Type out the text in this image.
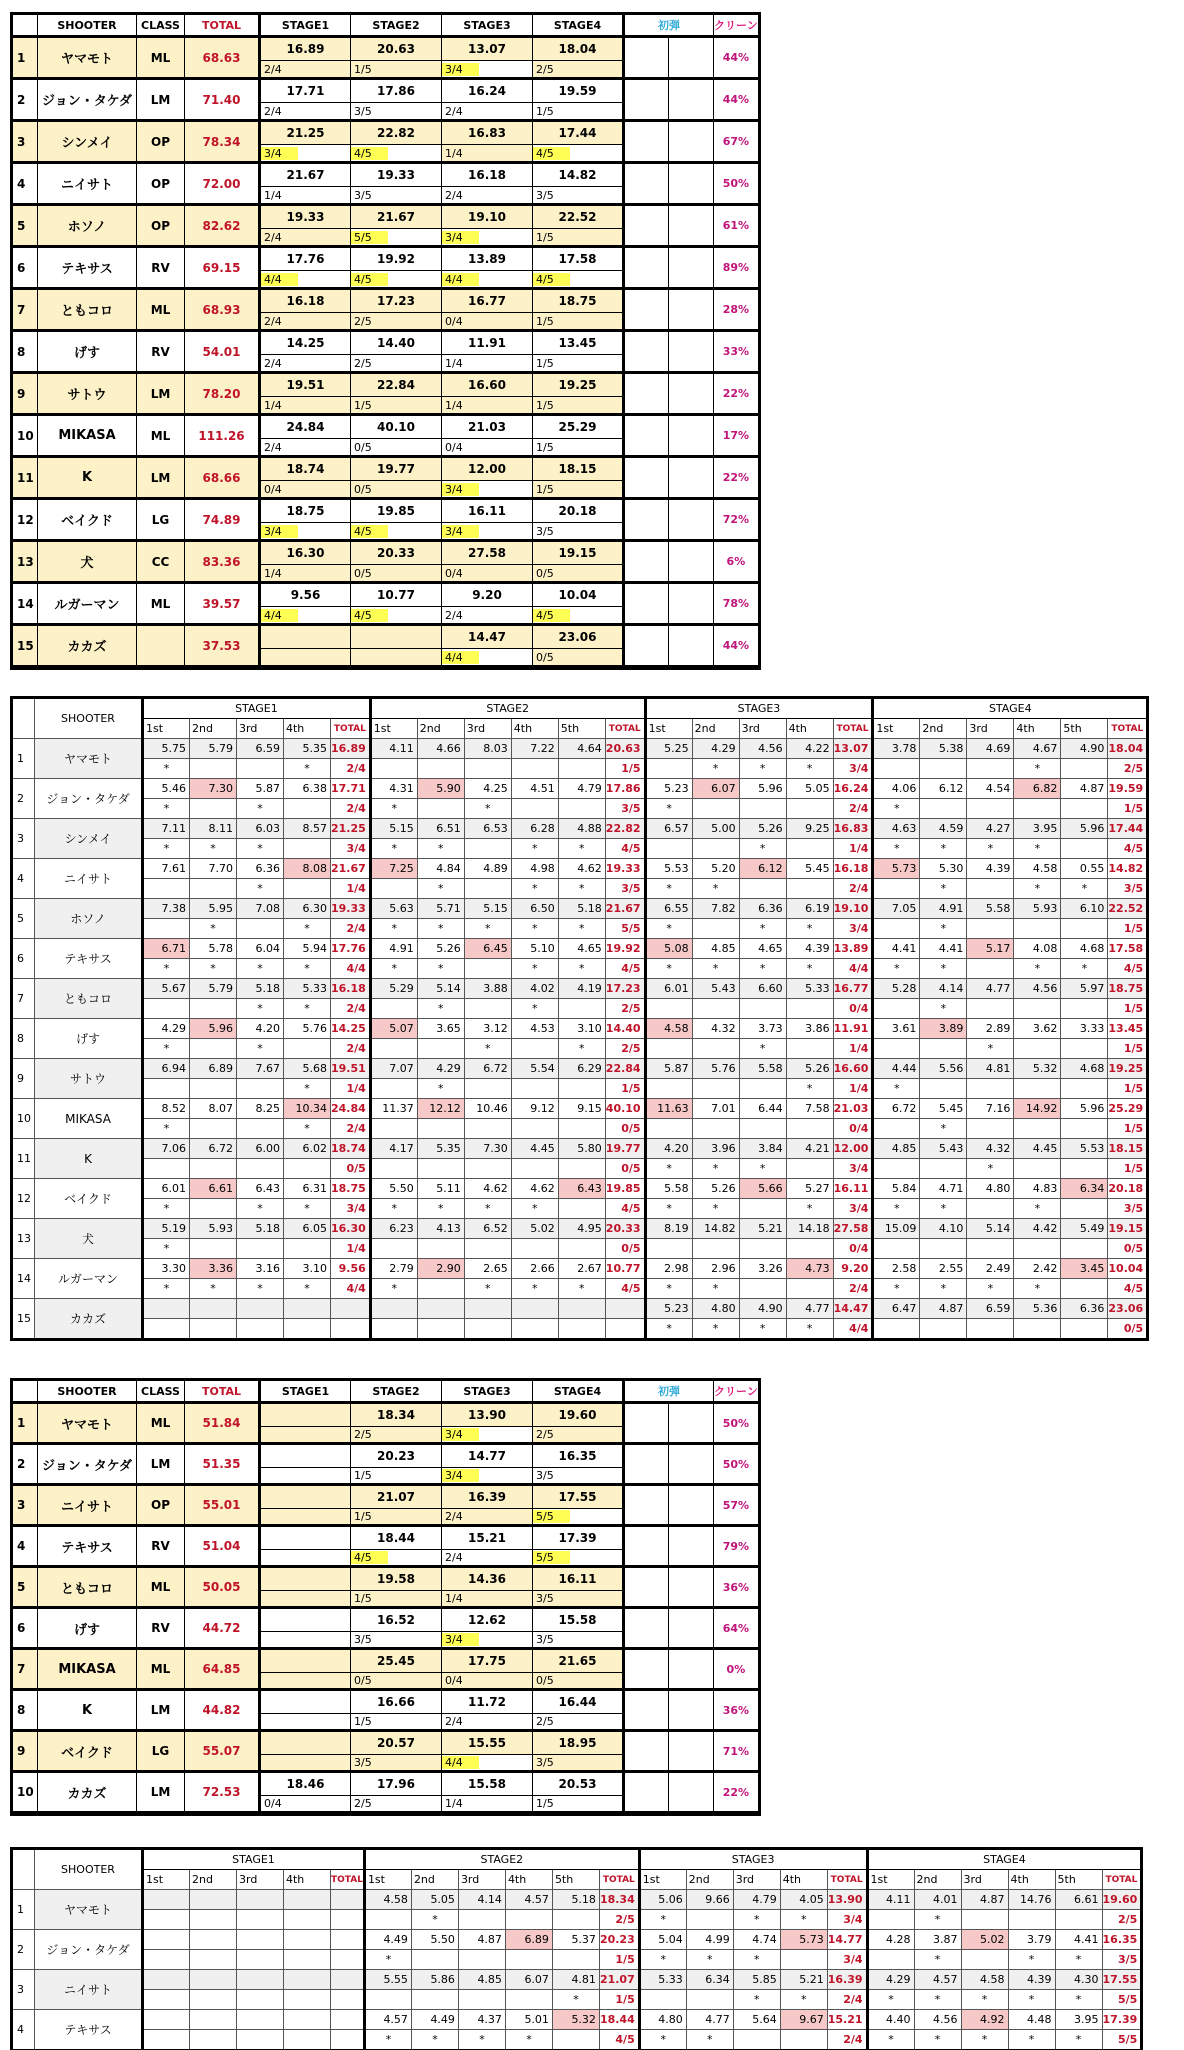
	SHOOTER	CLASS	TOTAL	STAGE1	STAGE2	STAGE3	STAGE4	初弾		クリーン
1	ヤマモト	ML	68.63	16.89	20.63	13.07	18.04			44%
				2/4	1/5	3/4	2/5			
2	ジョン・タケダ	LM	71.40	17.71	17.86	16.24	19.59			44%
				2/4	3/5	2/4	1/5			
3	シンメイ	OP	78.34	21.25	22.82	16.83	17.44			67%
				3/4	4/5	1/4	4/5			
4	ニイサト	OP	72.00	21.67	19.33	16.18	14.82			50%
				1/4	3/5	2/4	3/5			
5	ホソノ	OP	82.62	19.33	21.67	19.10	22.52			61%
				2/4	5/5	3/4	1/5			
6	テキサス	RV	69.15	17.76	19.92	13.89	17.58			89%
				4/4	4/5	4/4	4/5			
7	ともコロ	ML	68.93	16.18	17.23	16.77	18.75			28%
				2/4	2/5	0/4	1/5			
8	げす	RV	54.01	14.25	14.40	11.91	13.45			33%
				2/4	2/5	1/4	1/5			
9	サトウ	LM	78.20	19.51	22.84	16.60	19.25			22%
				1/4	1/5	1/4	1/5			
10	MIKASA	ML	111.26	24.84	40.10	21.03	25.29			17%
				2/4	0/5	0/4	1/5			
11	K	LM	68.66	18.74	19.77	12.00	18.15			22%
				0/4	0/5	3/4	1/5			
12	ベイクド	LG	74.89	18.75	19.85	16.11	20.18			72%
				3/4	4/5	3/4	3/5			
13	犬	CC	83.36	16.30	20.33	27.58	19.15			6%
				1/4	0/5	0/4	0/5			
14	ルガーマン	ML	39.57	9.56	10.77	9.20	10.04			78%
				4/4	4/5	2/4	4/5			
15	カカズ		37.53			14.47	23.06			44%
						4/4	0/5			
	SHOOTER	STAGE1					STAGE2						STAGE3					STAGE4					
		1st	2nd	3rd	4th	TOTAL	1st	2nd	3rd	4th	5th	TOTAL	1st	2nd	3rd	4th	TOTAL	1st	2nd	3rd	4th	5th	TOTAL
1	ヤマモト	5.75	5.79	6.59	5.35	16.89	4.11	4.66	8.03	7.22	4.64	20.63	5.25	4.29	4.56	4.22	13.07	3.78	5.38	4.69	4.67	4.90	18.04
		*			*	2/4						1/5		*	*	*	3/4				*		2/5
2	ジョン・タケダ	5.46	7.30	5.87	6.38	17.71	4.31	5.90	4.25	4.51	4.79	17.86	5.23	6.07	5.96	5.05	16.24	4.06	6.12	4.54	6.82	4.87	19.59
		*		*		2/4	*		*			3/5	*				2/4	*					1/5
3	シンメイ	7.11	8.11	6.03	8.57	21.25	5.15	6.51	6.53	6.28	4.88	22.82	6.57	5.00	5.26	9.25	16.83	4.63	4.59	4.27	3.95	5.96	17.44
		*	*	*		3/4	*	*		*	*	4/5			*		1/4	*	*	*	*		4/5
4	ニイサト	7.61	7.70	6.36	8.08	21.67	7.25	4.84	4.89	4.98	4.62	19.33	5.53	5.20	6.12	5.45	16.18	5.73	5.30	4.39	4.58	0.55	14.82
				*		1/4		*		*	*	3/5	*	*			2/4		*		*	*	3/5
5	ホソノ	7.38	5.95	7.08	6.30	19.33	5.63	5.71	5.15	6.50	5.18	21.67	6.55	7.82	6.36	6.19	19.10	7.05	4.91	5.58	5.93	6.10	22.52
			*		*	2/4	*	*	*	*	*	5/5	*		*	*	3/4		*				1/5
6	テキサス	6.71	5.78	6.04	5.94	17.76	4.91	5.26	6.45	5.10	4.65	19.92	5.08	4.85	4.65	4.39	13.89	4.41	4.41	5.17	4.08	4.68	17.58
		*	*	*	*	4/4	*	*		*	*	4/5	*	*	*	*	4/4	*	*		*	*	4/5
7	ともコロ	5.67	5.79	5.18	5.33	16.18	5.29	5.14	3.88	4.02	4.19	17.23	6.01	5.43	6.60	5.33	16.77	5.28	4.14	4.77	4.56	5.97	18.75
				*	*	2/4		*		*		2/5					0/4		*				1/5
8	げす	4.29	5.96	4.20	5.76	14.25	5.07	3.65	3.12	4.53	3.10	14.40	4.58	4.32	3.73	3.86	11.91	3.61	3.89	2.89	3.62	3.33	13.45
		*		*		2/4			*		*	2/5			*		1/4			*			1/5
9	サトウ	6.94	6.89	7.67	5.68	19.51	7.07	4.29	6.72	5.54	6.29	22.84	5.87	5.76	5.58	5.26	16.60	4.44	5.56	4.81	5.32	4.68	19.25
					*	1/4		*				1/5				*	1/4	*					1/5
10	MIKASA	8.52	8.07	8.25	10.34	24.84	11.37	12.12	10.46	9.12	9.15	40.10	11.63	7.01	6.44	7.58	21.03	6.72	5.45	7.16	14.92	5.96	25.29
		*			*	2/4						0/5					0/4		*				1/5
11	K	7.06	6.72	6.00	6.02	18.74	4.17	5.35	7.30	4.45	5.80	19.77	4.20	3.96	3.84	4.21	12.00	4.85	5.43	4.32	4.45	5.53	18.15
						0/5						0/5	*	*	*		3/4			*			1/5
12	ベイクド	6.01	6.61	6.43	6.31	18.75	5.50	5.11	4.62	4.62	6.43	19.85	5.58	5.26	5.66	5.27	16.11	5.84	4.71	4.80	4.83	6.34	20.18
		*		*	*	3/4	*	*	*	*		4/5	*	*		*	3/4	*	*		*		3/5
13	犬	5.19	5.93	5.18	6.05	16.30	6.23	4.13	6.52	5.02	4.95	20.33	8.19	14.82	5.21	14.18	27.58	15.09	4.10	5.14	4.42	5.49	19.15
		*				1/4						0/5					0/4						0/5
14	ルガーマン	3.30	3.36	3.16	3.10	9.56	2.79	2.90	2.65	2.66	2.67	10.77	2.98	2.96	3.26	4.73	9.20	2.58	2.55	2.49	2.42	3.45	10.04
		*	*	*	*	4/4	*		*	*	*	4/5	*	*			2/4	*	*	*	*		4/5
15	カカズ												5.23	4.80	4.90	4.77	14.47	6.47	4.87	6.59	5.36	6.36	23.06
													*	*	*	*	4/4						0/5
	SHOOTER	CLASS	TOTAL	STAGE1	STAGE2	STAGE3	STAGE4	初弾		クリーン
1	ヤマモト	ML	51.84		18.34	13.90	19.60			50%
					2/5	3/4	2/5			
2	ジョン・タケダ	LM	51.35		20.23	14.77	16.35			50%
					1/5	3/4	3/5			
3	ニイサト	OP	55.01		21.07	16.39	17.55			57%
					1/5	2/4	5/5			
4	テキサス	RV	51.04		18.44	15.21	17.39			79%
					4/5	2/4	5/5			
5	ともコロ	ML	50.05		19.58	14.36	16.11			36%
					1/5	1/4	3/5			
6	げす	RV	44.72		16.52	12.62	15.58			64%
					3/5	3/4	3/5			
7	MIKASA	ML	64.85		25.45	17.75	21.65			0%
					0/5	0/4	0/5			
8	K	LM	44.82		16.66	11.72	16.44			36%
					1/5	2/4	2/5			
9	ベイクド	LG	55.07		20.57	15.55	18.95			71%
					3/5	4/4	3/5			
10	カカズ	LM	72.53	18.46	17.96	15.58	20.53			22%
				0/4	2/5	1/4	1/5			
	SHOOTER	STAGE1					STAGE2						STAGE3					STAGE4					
		1st	2nd	3rd	4th	TOTAL	1st	2nd	3rd	4th	5th	TOTAL	1st	2nd	3rd	4th	TOTAL	1st	2nd	3rd	4th	5th	TOTAL
1	ヤマモト						4.58	5.05	4.14	4.57	5.18	18.34	5.06	9.66	4.79	4.05	13.90	4.11	4.01	4.87	14.76	6.61	19.60
								*				2/5	*		*	*	3/4		*				2/5
2	ジョン・タケダ						4.49	5.50	4.87	6.89	5.37	20.23	5.04	4.99	4.74	5.73	14.77	4.28	3.87	5.02	3.79	4.41	16.35
							*					1/5	*	*	*		3/4		*		*	*	3/5
3	ニイサト						5.55	5.86	4.85	6.07	4.81	21.07	5.33	6.34	5.85	5.21	16.39	4.29	4.57	4.58	4.39	4.30	17.55
											*	1/5			*	*	2/4	*	*	*	*	*	5/5
4	テキサス						4.57	4.49	4.37	5.01	5.32	18.44	4.80	4.77	5.64	9.67	15.21	4.40	4.56	4.92	4.48	3.95	17.39
							*	*	*	*		4/5	*	*			2/4	*	*	*	*	*	5/5
